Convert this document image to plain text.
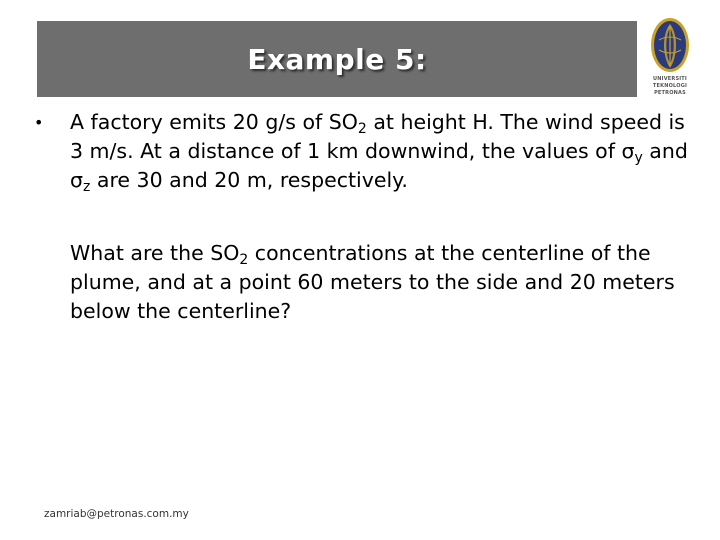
Example 5:
UNIVERSITI
TEKNOLOGI
PETRONAS
•	A factory emits 20 g/s of $SO_2$ at height H. The wind speed is 3 m/s. At a distance of 1 km downwind, the values of $\sigma_y$ and $\sigma_z$ are 30 and 20 m, respectively.
What are the $SO_2$ concentrations at the centerline of the plume, and at a point 60 meters to the side and 20 meters below the centerline?
zamriab@petronas.com.my
